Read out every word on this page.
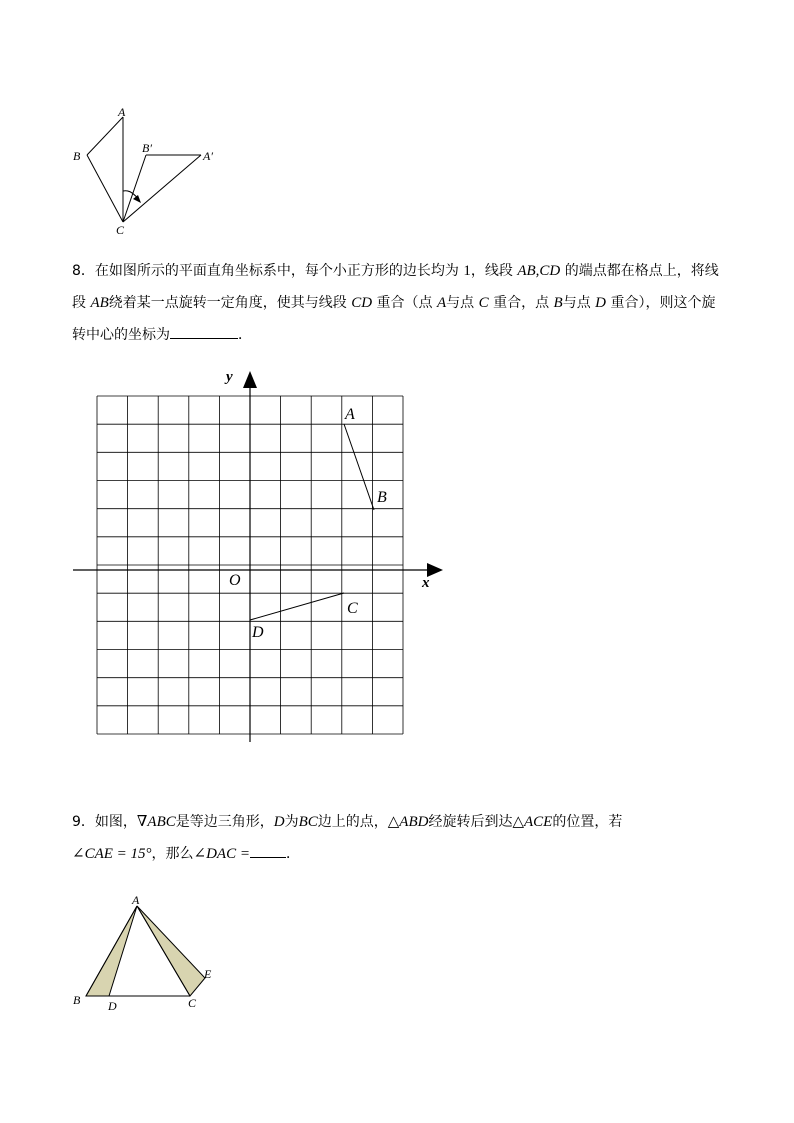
A
B
C
B′
A′
8．在如图所示的平面直角坐标系中，每个小正方形的边长均为 1，线段 AB,CD 的端点都在格点上，将线
段 AB绕着某一点旋转一定角度，使其与线段 CD 重合（点 A与点 C 重合，点 B与点 D 重合），则这个旋
转中心的坐标为	．
y
x
O
A
B
C
D
9．如图，∇ABC是等边三角形，D为BC边上的点，△ABD经旋转后到达△ACE的位置，若
∠CAE = 15°，那么∠DAC =	．
A
B D	C
E
